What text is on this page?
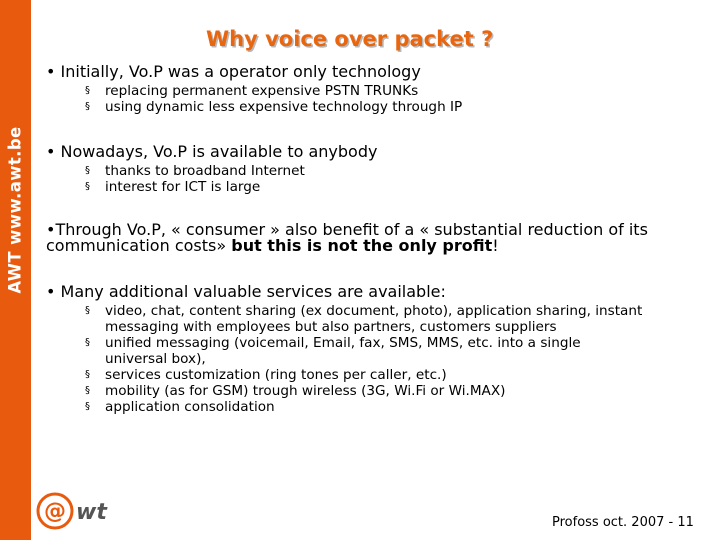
AWT www.awt.be
Why voice over packet ?
• Initially, Vo.P was a operator only technology
§ replacing permanent expensive PSTN TRUNKs
§ using dynamic less expensive technology through IP
• Nowadays, Vo.P is available to anybody
§ thanks to broadband Internet
§ interest for ICT is large
•Through Vo.P, « consumer » also benefit of a « substantial reduction of its communication costs» but this is not the only profit!
• Many additional valuable services are available:
§ video, chat, content sharing (ex document, photo), application sharing, instant messaging with employees but also partners, customers suppliers
§ unified messaging (voicemail, Email, fax, SMS, MMS, etc. into a single universal box),
§ services customization (ring tones per caller, etc.)
§ mobility (as for GSM) trough wireless (3G, Wi.Fi or Wi.MAX)
§ application consolidation
@ wt	Profoss oct. 2007 - 11
